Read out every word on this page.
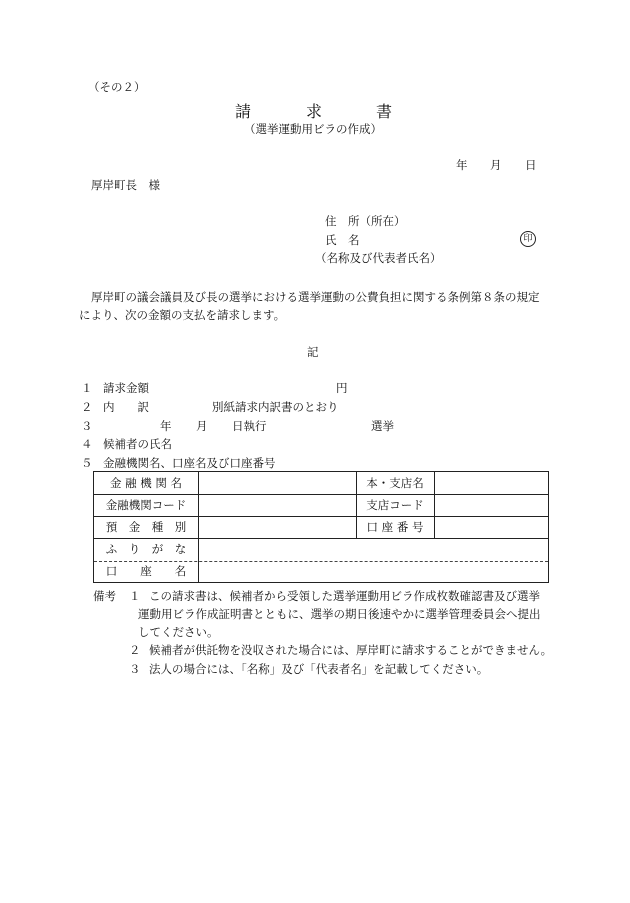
（その２）
請	求	書
（選挙運動用ビラの作成）
年 月 日
厚岸町長　様
住　所（所在）
氏　名	印
（名称及び代表者氏名）
厚岸町の議会議員及び長の選挙における選挙運動の公費負担に関する条例第８条の規定
により、次の金額の支払を請求します。
記
１ 請求金額	円
２ 内　　訳	別紙請求内訳書のとおり
３	年 月 日執行	選挙
４ 候補者の氏名
５ 金融機関名、口座名及び口座番号
金 融 機 関 名	本・支店名
金融機関コード	支店コード
預　金　種　別	口 座 番 号
ふ　り　が　な
口　　座　　名
備考 １ この請求書は、候補者から受領した選挙運動用ビラ作成枚数確認書及び選挙
運動用ビラ作成証明書とともに、選挙の期日後速やかに選挙管理委員会へ提出
してください。
２ 候補者が供託物を没収された場合には、厚岸町に請求することができません。
３ 法人の場合には、「名称」及び「代表者名」を記載してください。
